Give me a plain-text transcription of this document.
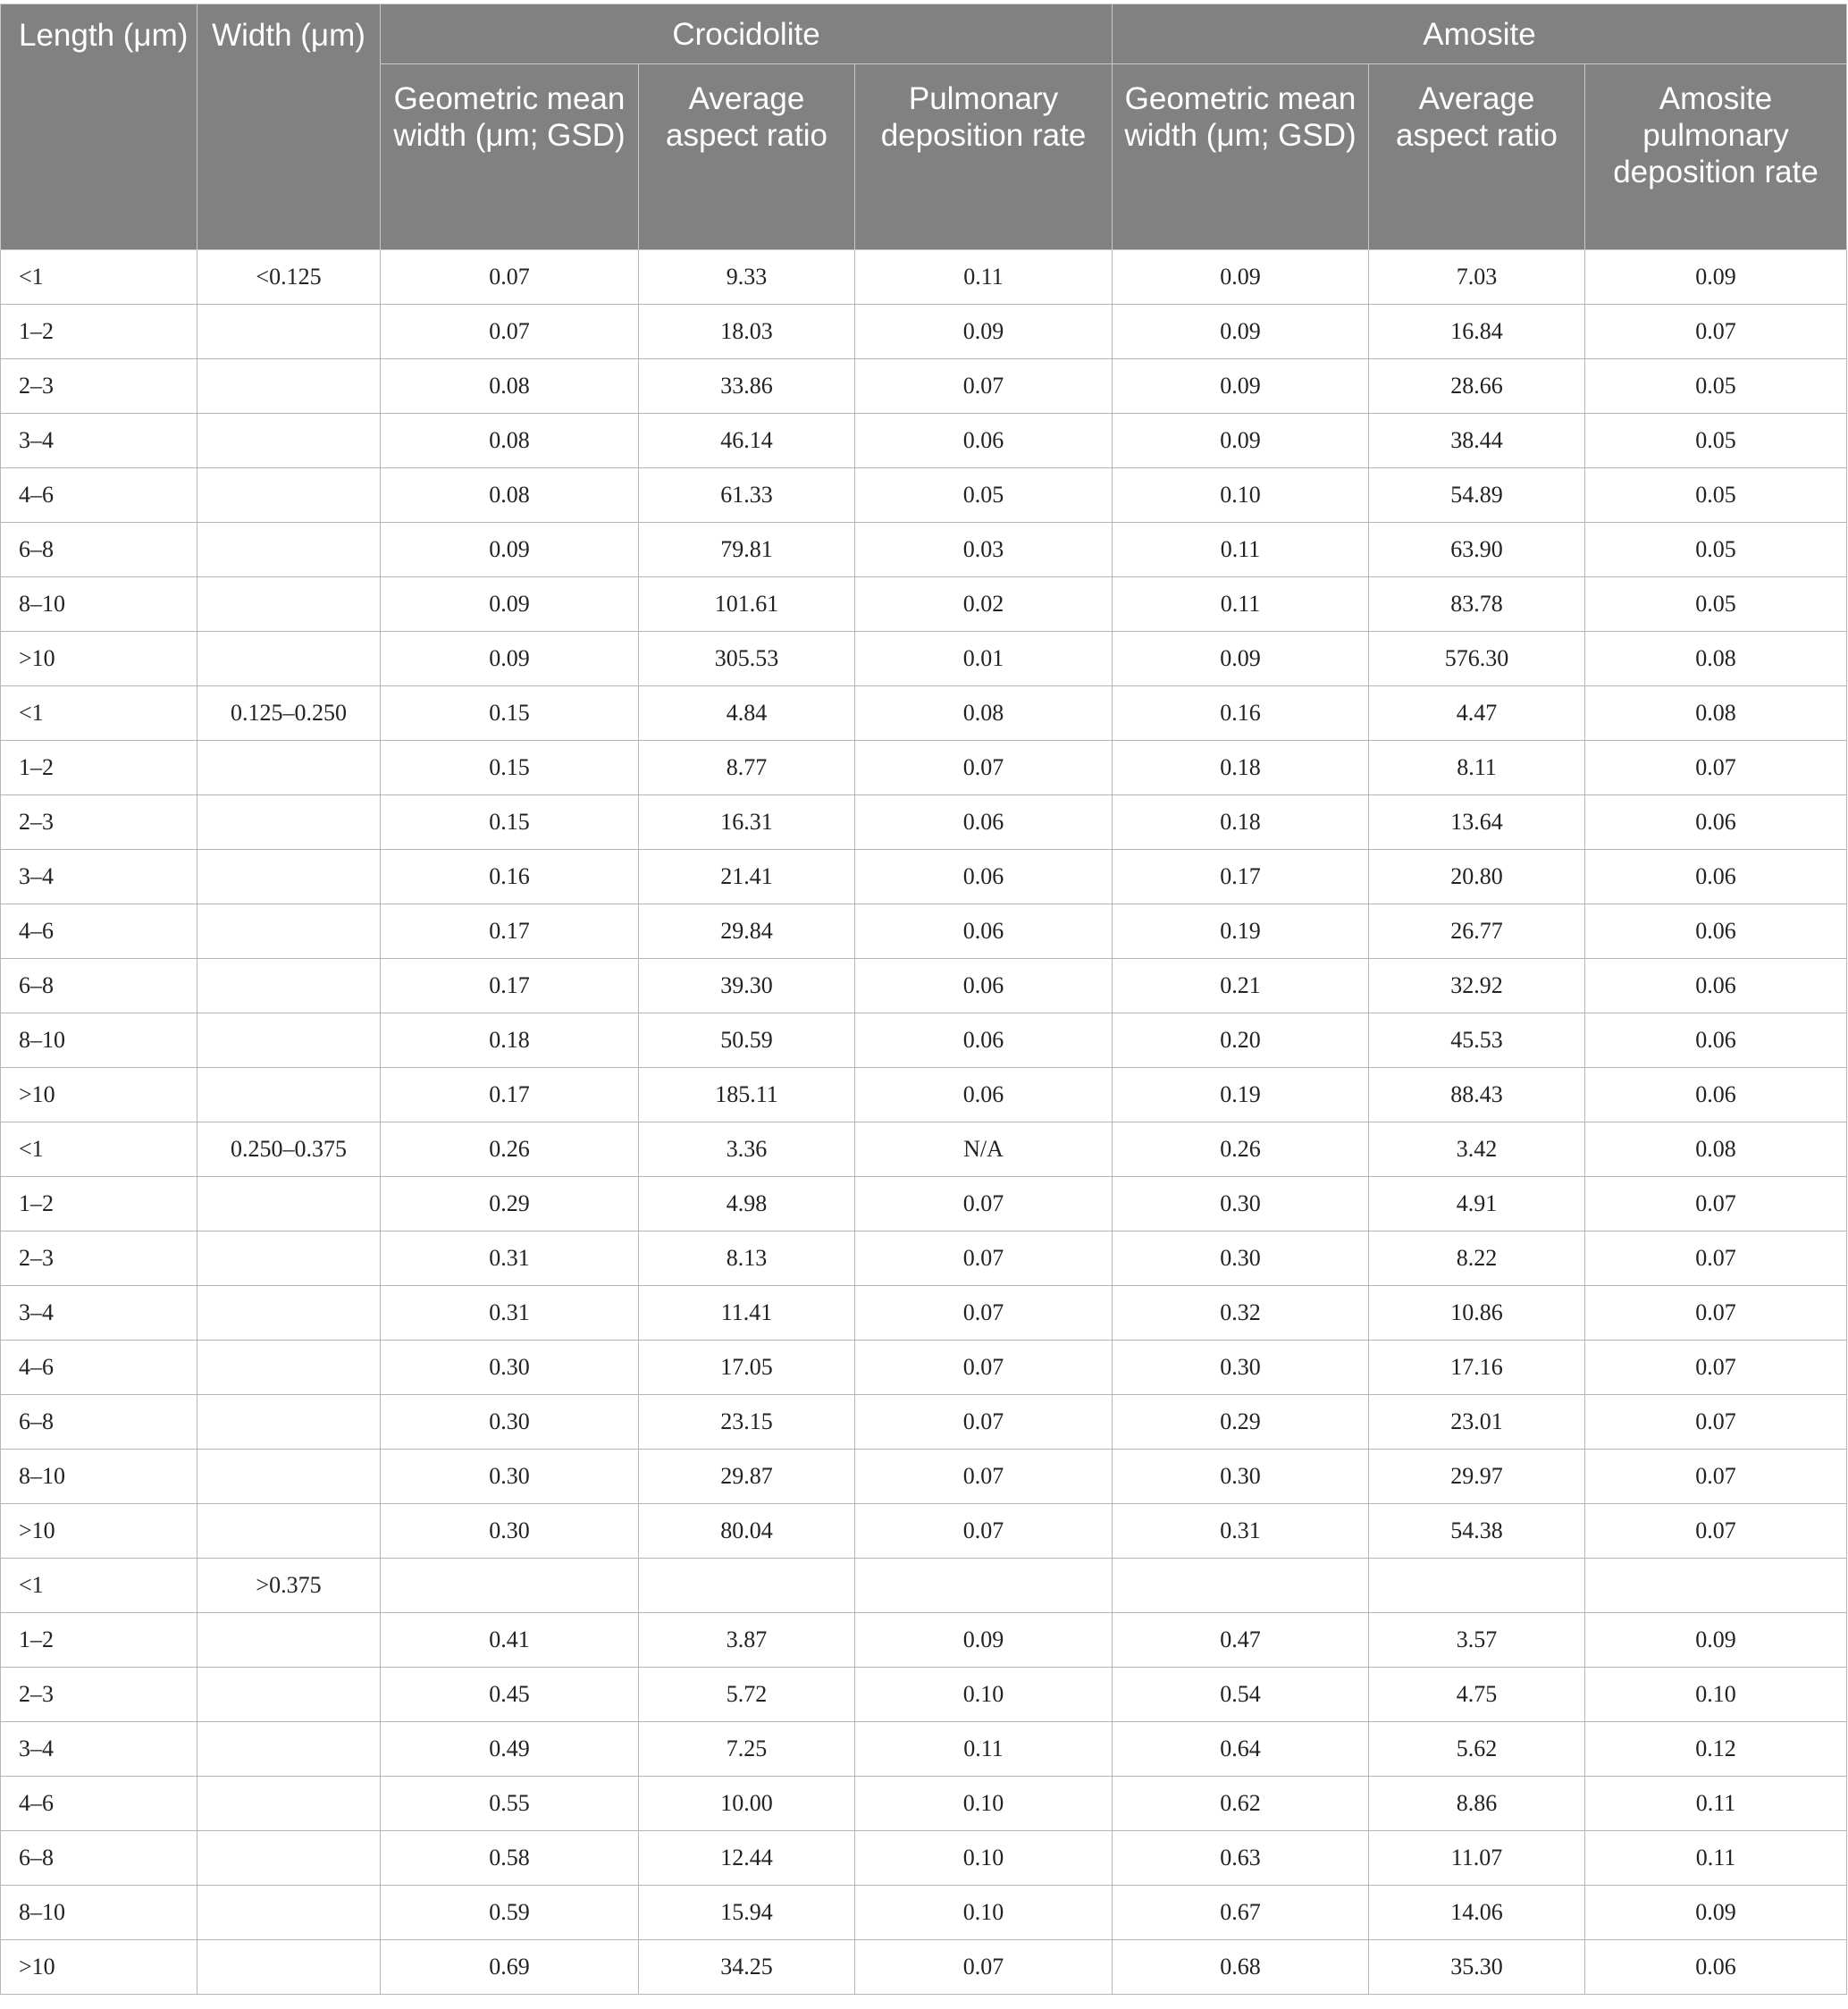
Length (μm)	Width (μm)	Crocidolite			Amosite		
		Geometric mean width (μm; GSD)	Average aspect ratio	Pulmonary deposition rate	Geometric mean width (μm; GSD)	Average aspect ratio	Amosite pulmonary deposition rate
<1	<0.125	0.07	9.33	0.11	0.09	7.03	0.09
1–2		0.07	18.03	0.09	0.09	16.84	0.07
2–3		0.08	33.86	0.07	0.09	28.66	0.05
3–4		0.08	46.14	0.06	0.09	38.44	0.05
4–6		0.08	61.33	0.05	0.10	54.89	0.05
6–8		0.09	79.81	0.03	0.11	63.90	0.05
8–10		0.09	101.61	0.02	0.11	83.78	0.05
>10		0.09	305.53	0.01	0.09	576.30	0.08
<1	0.125–0.250	0.15	4.84	0.08	0.16	4.47	0.08
1–2		0.15	8.77	0.07	0.18	8.11	0.07
2–3		0.15	16.31	0.06	0.18	13.64	0.06
3–4		0.16	21.41	0.06	0.17	20.80	0.06
4–6		0.17	29.84	0.06	0.19	26.77	0.06
6–8		0.17	39.30	0.06	0.21	32.92	0.06
8–10		0.18	50.59	0.06	0.20	45.53	0.06
>10		0.17	185.11	0.06	0.19	88.43	0.06
<1	0.250–0.375	0.26	3.36	N/A	0.26	3.42	0.08
1–2		0.29	4.98	0.07	0.30	4.91	0.07
2–3		0.31	8.13	0.07	0.30	8.22	0.07
3–4		0.31	11.41	0.07	0.32	10.86	0.07
4–6		0.30	17.05	0.07	0.30	17.16	0.07
6–8		0.30	23.15	0.07	0.29	23.01	0.07
8–10		0.30	29.87	0.07	0.30	29.97	0.07
>10		0.30	80.04	0.07	0.31	54.38	0.07
<1	>0.375						
1–2		0.41	3.87	0.09	0.47	3.57	0.09
2–3		0.45	5.72	0.10	0.54	4.75	0.10
3–4		0.49	7.25	0.11	0.64	5.62	0.12
4–6		0.55	10.00	0.10	0.62	8.86	0.11
6–8		0.58	12.44	0.10	0.63	11.07	0.11
8–10		0.59	15.94	0.10	0.67	14.06	0.09
>10		0.69	34.25	0.07	0.68	35.30	0.06
